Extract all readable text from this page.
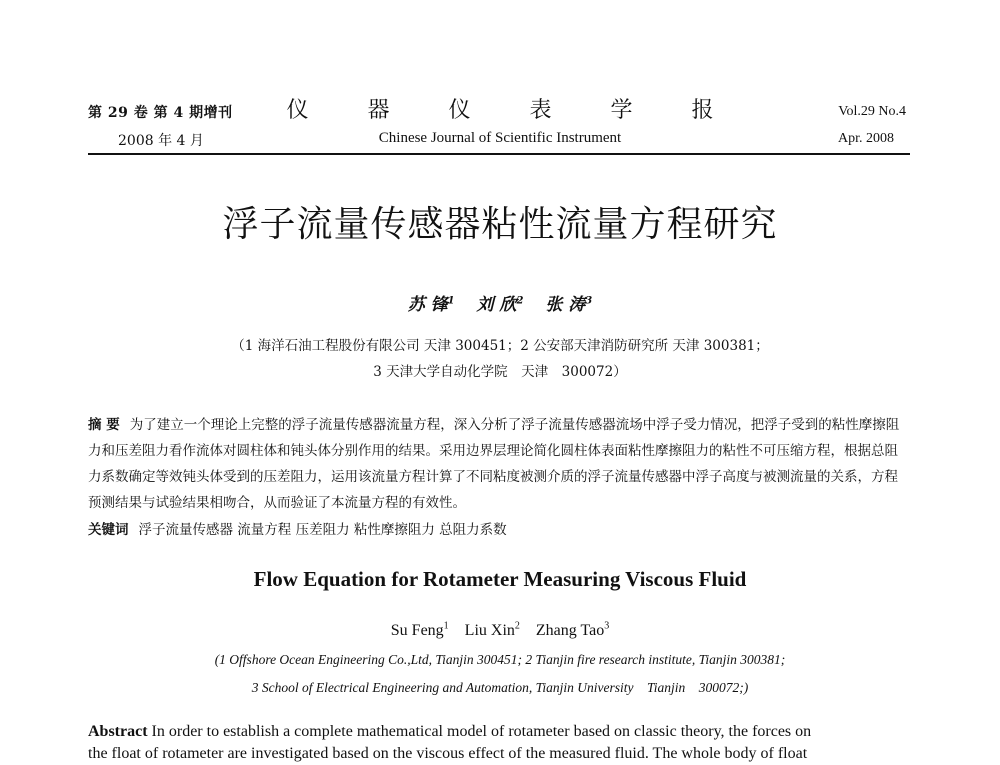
第 29 卷 第 4 期增刊
2008 年 4 月
仪 器 仪 表 学 报
Chinese Journal of Scientific Instrument
Vol.29 No.4
Apr. 2008
浮子流量传感器粘性流量方程研究
苏 锋$^1$ 刘 欣$^2$ 张 涛$^3$
（1 海洋石油工程股份有限公司 天津 300451；2 公安部天津消防研究所 天津 300381；
3 天津大学自动化学院　天津　300072）
摘 要 为了建立一个理论上完整的浮子流量传感器流量方程，深入分析了浮子流量传感器流场中浮子受力情况，把浮子受到的粘性摩擦阻力和压差阻力看作流体对圆柱体和钝头体分别作用的结果。采用边界层理论简化圆柱体表面粘性摩擦阻力的粘性不可压缩方程，根据总阻力系数确定等效钝头体受到的压差阻力，运用该流量方程计算了不同粘度被测介质的浮子流量传感器中浮子高度与被测流量的关系，方程预测结果与试验结果相吻合，从而验证了本流量方程的有效性。
关键词 浮子流量传感器 流量方程 压差阻力 粘性摩擦阻力 总阻力系数
Flow Equation for Rotameter Measuring Viscous Fluid
Su Feng$^1$ Liu Xin$^2$ Zhang Tao$^3$
(1 Offshore Ocean Engineering Co.,Ltd, Tianjin 300451; 2 Tianjin fire research institute, Tianjin 300381;
3 School of Electrical Engineering and Automation, Tianjin University　Tianjin　300072;)
Abstract In order to establish a complete mathematical model of rotameter based on classic theory, the forces on
the float of rotameter are investigated based on the viscous effect of the measured fluid. The whole body of float
